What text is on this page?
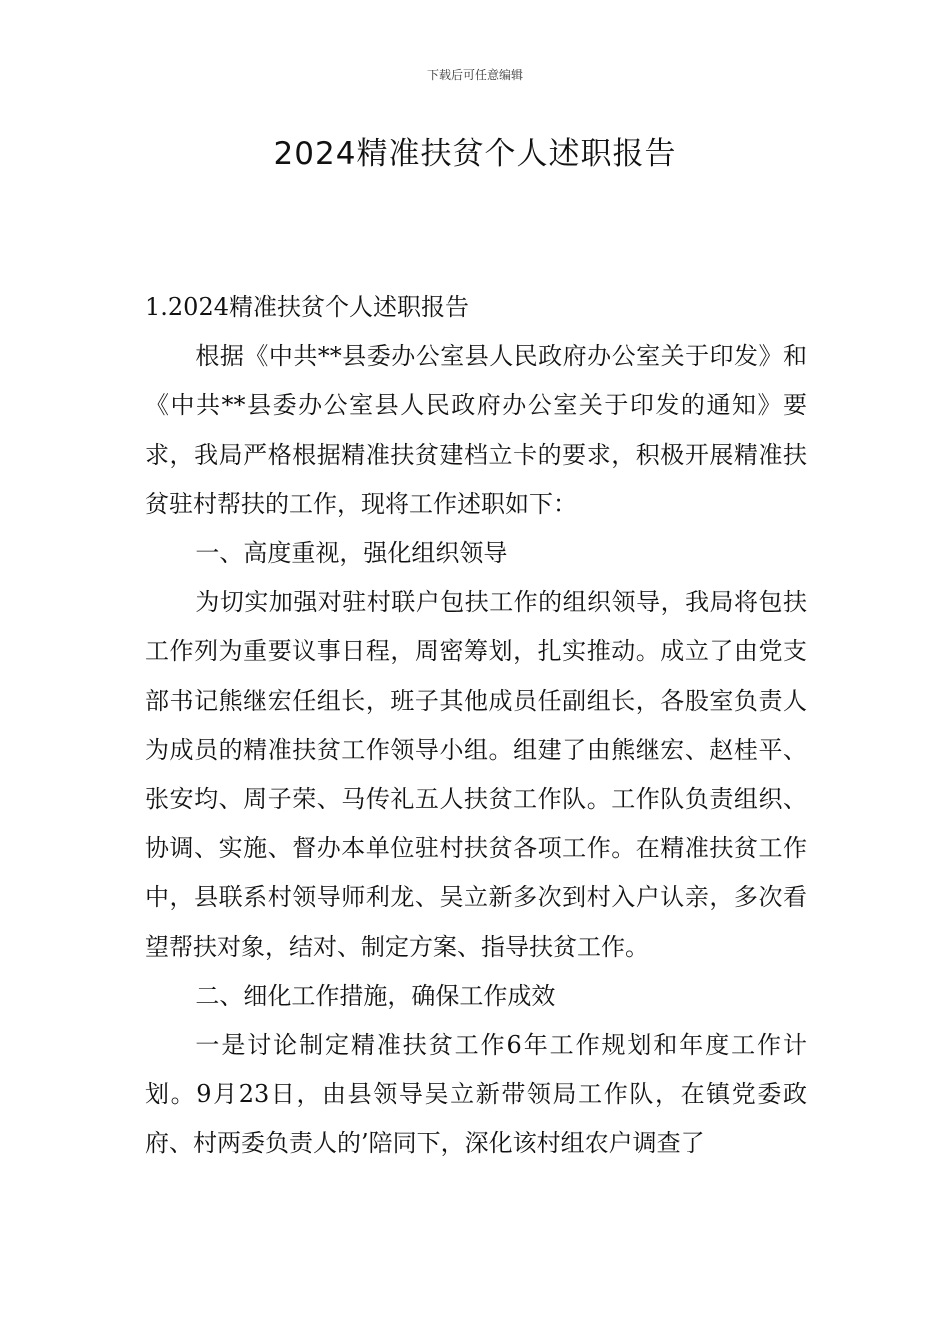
下载后可任意编辑
2024精准扶贫个人述职报告

1.2024精准扶贫个人述职报告

根据《中共**县委办公室县人民政府办公室关于印发》和《中共**县委办公室县人民政府办公室关于印发的通知》要求，我局严格根据精准扶贫建档立卡的要求，积极开展精准扶贫驻村帮扶的工作，现将工作述职如下：

一、高度重视，强化组织领导

为切实加强对驻村联户包扶工作的组织领导，我局将包扶工作列为重要议事日程，周密筹划，扎实推动。成立了由党支部书记熊继宏任组长，班子其他成员任副组长，各股室负责人为成员的精准扶贫工作领导小组。组建了由熊继宏、赵桂平、张安均、周子荣、马传礼五人扶贫工作队。工作队负责组织、协调、实施、督办本单位驻村扶贫各项工作。在精准扶贫工作中，县联系村领导师利龙、吴立新多次到村入户认亲，多次看望帮扶对象，结对、制定方案、指导扶贫工作。

二、细化工作措施，确保工作成效

一是讨论制定精准扶贫工作6年工作规划和年度工作计划。9月23日，由县领导吴立新带领局工作队，在镇党委政府、村两委负责人的’陪同下，深化该村组农户调查了
